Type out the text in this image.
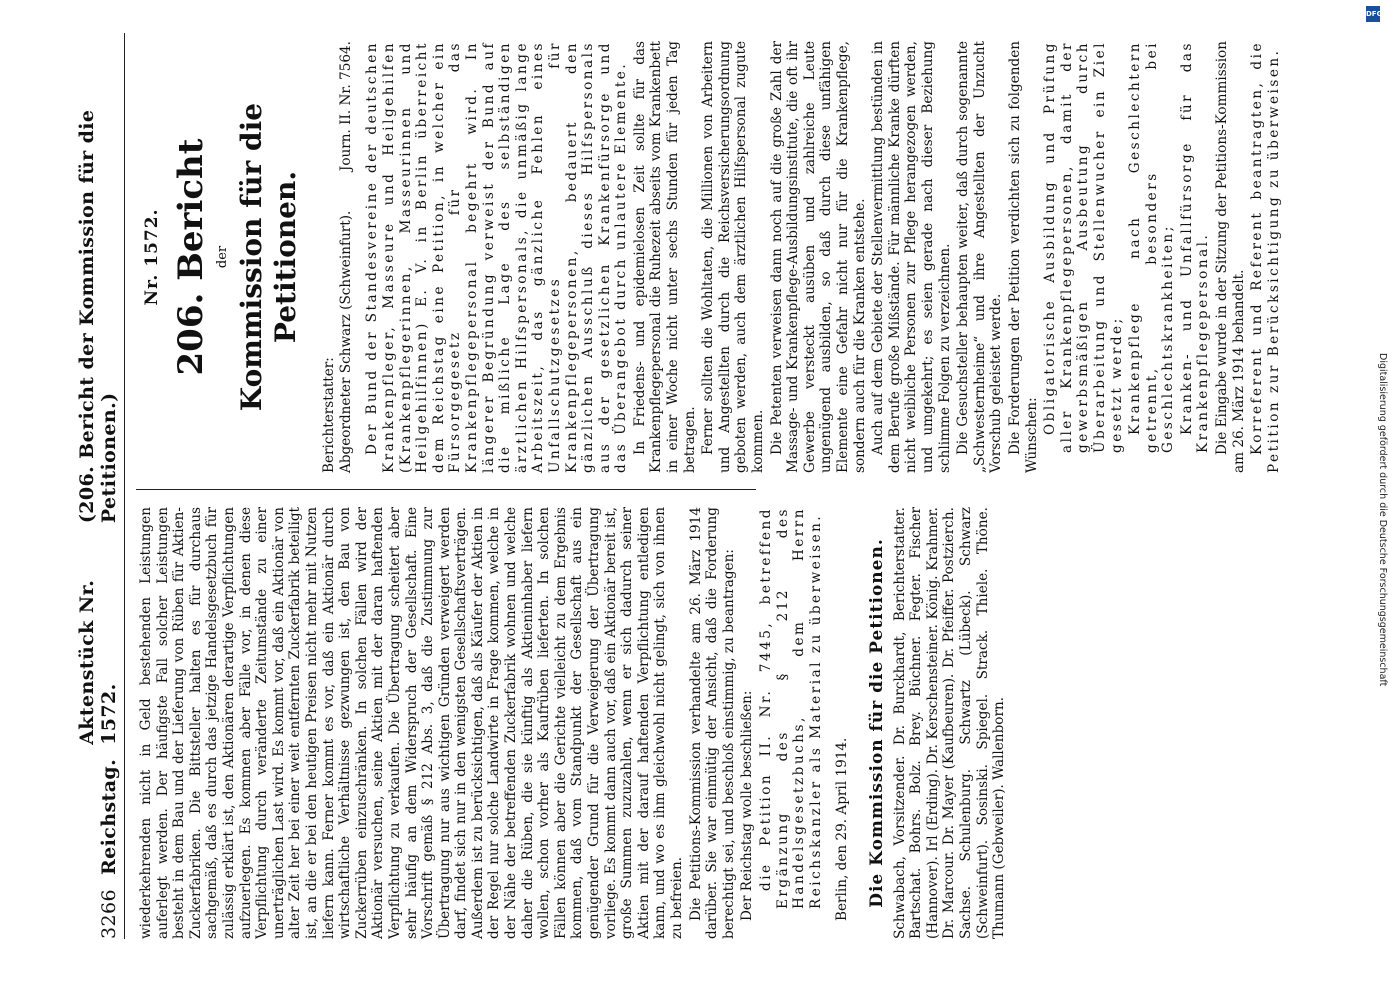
3266
Reichstag.
Aktenstück Nr. 1572.
(206. Bericht der Kommission für die Petitionen.)

wiederkehrenden nicht in Geld bestehenden Leistungen auferlegt werden. Der häufigste Fall solcher Leistungen besteht in dem Bau und der Lieferung von Rüben für Aktien-Zuckerfabriken. Die Bittsteller halten es für durchaus sachgemäß, daß es durch das jetzige Handelsgesetzbuch für zulässig erklärt ist, den Aktionären derartige Verpflichtungen aufzuerlegen. Es kommen aber Fälle vor, in denen diese Verpflichtung durch veränderte Zeitumstände zu einer unerträglichen Last wird. Es kommt vor, daß ein Aktionär von alter Zeit her bei einer weit entfernten Zuckerfabrik beteiligt ist, an die er bei den heutigen Preisen nicht mehr mit Nutzen liefern kann. Ferner kommt es vor, daß ein Aktionär durch wirtschaftliche Verhältnisse gezwungen ist, den Bau von Zuckerrüben einzuschränken. In solchen Fällen wird der Aktionär versuchen, seine Aktien mit der daran haftenden Verpflichtung zu verkaufen. Die Übertragung scheitert aber sehr häufig an dem Widerspruch der Gesellschaft. Eine Vorschrift gemäß § 212 Abs. 3, daß die Zustimmung zur Übertragung nur aus wichtigen Gründen verweigert werden darf, findet sich nur in den wenigsten Gesellschaftsverträgen. Außerdem ist zu berücksichtigen, daß als Käufer der Aktien in der Regel nur solche Landwirte in Frage kommen, welche in der Nähe der betreffenden Zuckerfabrik wohnen und welche daher die Rüben, die sie künftig als Aktieninhaber liefern wollen, schon vorher als Kaufrüben lieferten. In solchen Fällen können aber die Gerichte vielleicht zu dem Ergebnis kommen, daß vom Standpunkt der Gesellschaft aus ein genügender Grund für die Verweigerung der Übertragung vorliege. Es kommt dann auch vor, daß ein Aktionär bereit ist, große Summen zuzuzahlen, wenn er sich dadurch seiner Aktien mit der darauf haftenden Verpflichtung entledigen kann, und wo es ihm gleichwohl nicht gelingt, sich von ihnen zu befreien. Die Petitions-Kommission verhandelte am 26. März 1914 darüber. Sie war einmütig der Ansicht, daß die Forderung berechtigt sei, und beschloß einstimmig, zu beantragen: Der Reichstag wolle beschließen: die Petition II. Nr. 7445, betreffend Ergänzung des § 212 des Handelsgesetzbuchs, dem Herrn Reichskanzler als Material zu überweisen. Berlin, den 29. April 1914. Die Kommission für die Petitionen. Schwabach, Vorsitzender. Dr. Burckhardt, Berichterstatter. Bartschat. Bohrs. Bolz. Brey. Büchner. Fegter. Fischer (Hannover). Irl (Erding). Dr. Kerschensteiner. König. Krahmer. Dr. Marcour. Dr. Mayer (Kaufbeuren). Dr. Pfeiffer. Postzierch. Sachse. Schulenburg. Schwartz (Lübeck). Schwarz (Schweinfurt). Sosinski. Spiegel. Strack. Thiele. Thöne. Thumann (Gebweiler). Wallenborn.
Nr. 1572. 206. Bericht der Kommission für die Petitionen.
Berichterstatter: Abgeordneter Schwarz (Schweinfurt).
Journ. II. Nr. 7564. Der Bund der Standesvereine der deutschen Krankenpfleger, Masseure und Heilgehilfen (Krankenpflegerinnen, Masseurinnen und Heilgehilfinnen) E. V. in Berlin überreicht dem Reichstag eine Petition, in welcher ein Fürsorgegesetz für das Krankenpflegepersonal begehrt wird. In längerer Begründung verweist der Bund auf die mißliche Lage des selbständigen ärztlichen Hilfspersonals, die unmäßig lange Arbeitszeit, das gänzliche Fehlen eines Unfallschutzgesetzes für Krankenpflegepersonen, bedauert den gänzlichen Ausschluß dieses Hilfspersonals aus der gesetzlichen Krankenfürsorge und das Überangebot durch unlautere Elemente. In Friedens- und epidemielosen Zeit sollte für das Krankenpflegepersonal die Ruhezeit abseits vom Krankenbett in einer Woche nicht unter sechs Stunden für jeden Tag betragen. Ferner sollten die Wohltaten, die Millionen von Arbeitern und Angestellten durch die Reichsversicherungsordnung geboten werden, auch dem ärztlichen Hilfspersonal zugute kommen. Die Petenten verweisen dann noch auf die große Zahl der Massage- und Krankenpflege-Ausbildungsinstitute, die oft ihr Gewerbe versteckt ausüben und zahlreiche Leute ungenügend ausbilden, so daß durch diese unfähigen Elemente eine Gefahr nicht nur für die Krankenpflege, sondern auch für die Kranken entstehe. Auch auf dem Gebiete der Stellenvermittlung bestünden in dem Berufe große Mißstände. Für männliche Kranke dürften nicht weibliche Personen zur Pflege herangezogen werden, und umgekehrt; es seien gerade nach dieser Beziehung schlimme Folgen zu verzeichnen. Die Gesuchsteller behaupten weiter, daß durch sogenannte „Schwesternheime“ und ihre Angestellten der Unzucht Vorschub geleistet werde. Die Forderungen der Petition verdichten sich zu folgenden Wünschen:

Obligatorische Ausbildung und Prüfung aller Krankenpflegepersonen, damit der gewerbsmäßigen Ausbeutung durch Überarbeitung und Stellenwucher ein Ziel gesetzt werde; Krankenpflege nach Geschlechtern getrennt, besonders bei Geschlechtskrankheiten; Kranken- und Unfallfürsorge für das Krankenpflegepersonal. Die Eingabe wurde in der Sitzung der Petitions-Kommission am 26. März 1914 behandelt. Korreferent und Referent beantragten, die Petition zur Berücksichtigung zu überweisen.

DFG
Digitalisierung gefördert durch die Deutsche Forschungsgemeinschaft
